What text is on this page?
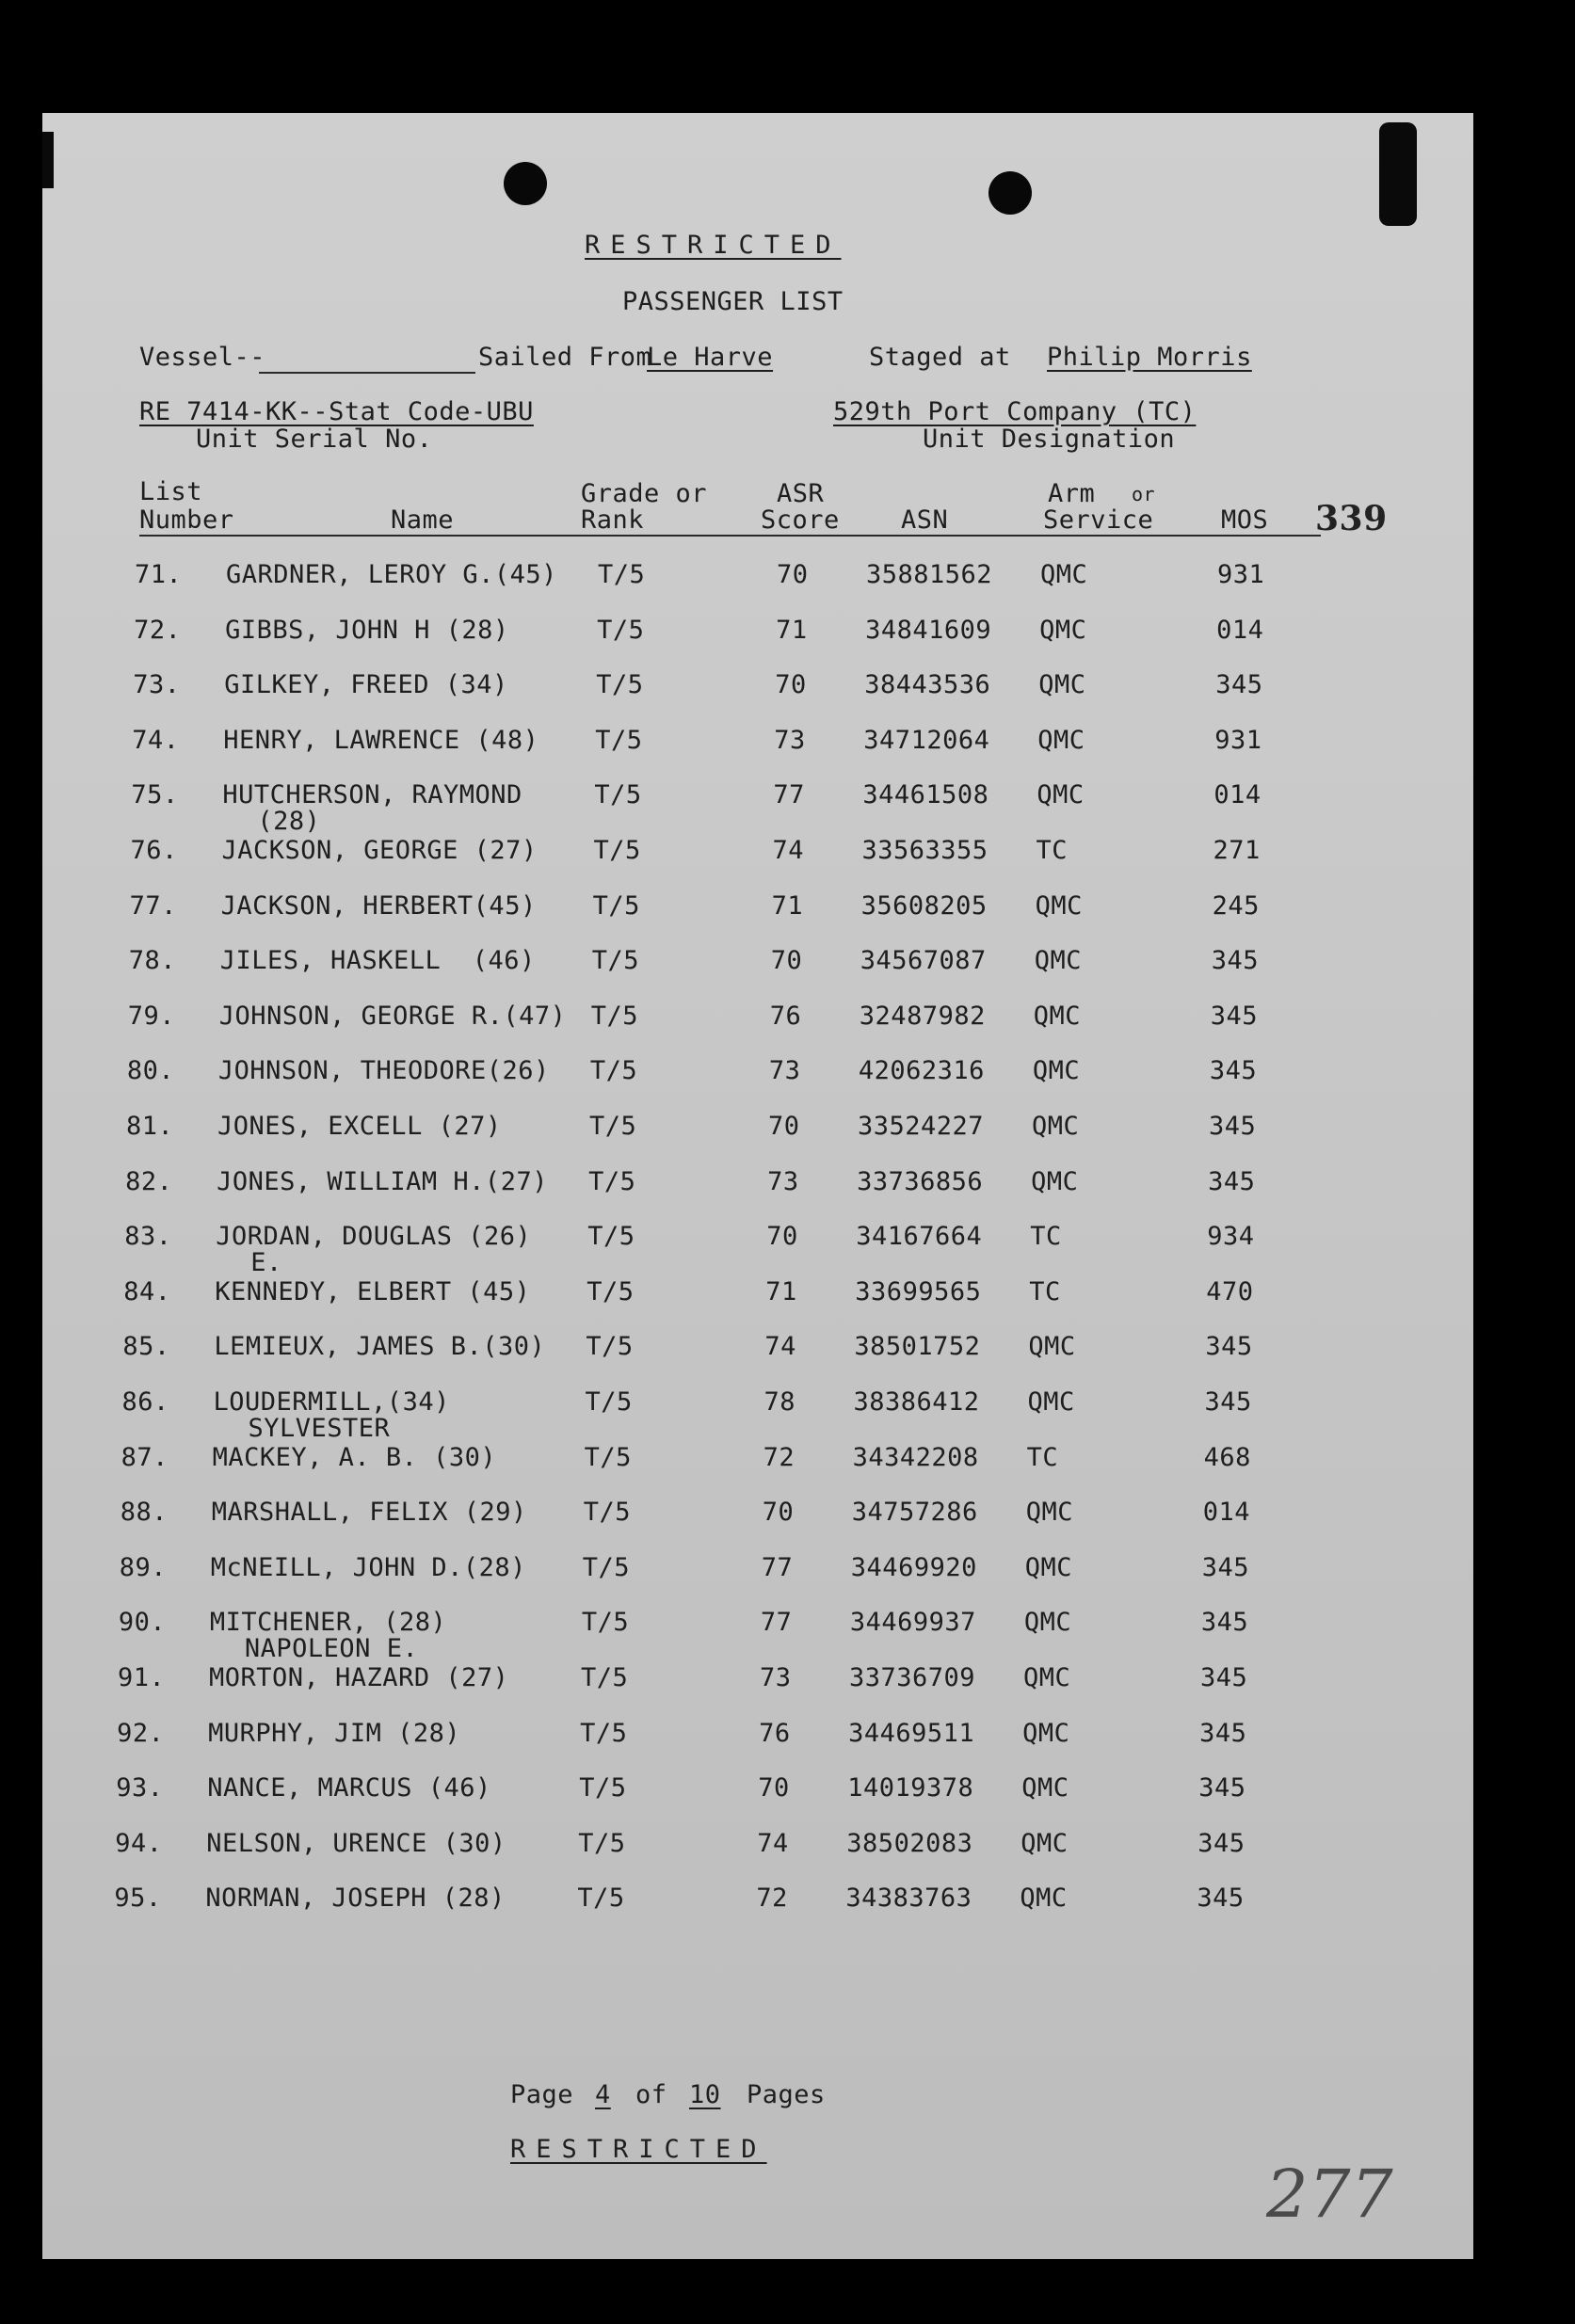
RESTRICTED
PASSENGER LIST
Vessel--	Sailed From
Le Harve	Staged at Philip Morris
RE 7414-KK--Stat Code-UBU
Unit Serial No.
529th Port Company (TC)
Unit Designation
List
Number	Name
Grade or
Rank
ASR
Score ASN
Arm or
Service	MOS 339
71. GARDNER, LEROY G.(45) T/5	70 35881562 QMC	931
72. GIBBS, JOHN H (28)	T/5	71 34841609 QMC	014
73. GILKEY, FREED (34)	T/5	70 38443536 QMC	345
74. HENRY, LAWRENCE (48) T/5	73 34712064 QMC	931
75. HUTCHERSON, RAYMOND	T/5	77 34461508 QMC	014
(28)
76. JACKSON, GEORGE (27) T/5	74 33563355 TC	271
77. JACKSON, HERBERT(45) T/5	71 35608205 QMC	245
78. JILES, HASKELL  (46) T/5	70 34567087 QMC	345
79. JOHNSON, GEORGE R.(47) T/5	76 32487982 QMC	345
80. JOHNSON, THEODORE(26) T/5	73 42062316 QMC	345
81. JONES, EXCELL (27)	T/5	70 33524227 QMC	345
82. JONES, WILLIAM H.(27) T/5	73 33736856 QMC	345
83. JORDAN, DOUGLAS (26) T/5	70 34167664 TC	934
E.
84. KENNEDY, ELBERT (45) T/5	71 33699565 TC	470
85. LEMIEUX, JAMES B.(30) T/5	74 38501752 QMC	345
86. LOUDERMILL,(34)	T/5	78 38386412 QMC	345
SYLVESTER
87. MACKEY, A. B. (30)	T/5	72 34342208 TC	468
88. MARSHALL, FELIX (29) T/5	70 34757286 QMC	014
89. McNEILL, JOHN D.(28) T/5	77 34469920 QMC	345
90. MITCHENER, (28)	T/5	77 34469937 QMC	345
NAPOLEON E.
91. MORTON, HAZARD (27)	T/5	73 33736709 QMC	345
92. MURPHY, JIM (28)	T/5	76 34469511 QMC	345
93. NANCE, MARCUS (46)	T/5	70 14019378 QMC	345
94. NELSON, URENCE (30)	T/5	74 38502083 QMC	345
95. NORMAN, JOSEPH (28)	T/5	72 34383763 QMC	345
Page 4 of 10 Pages
RESTRICTED
277
